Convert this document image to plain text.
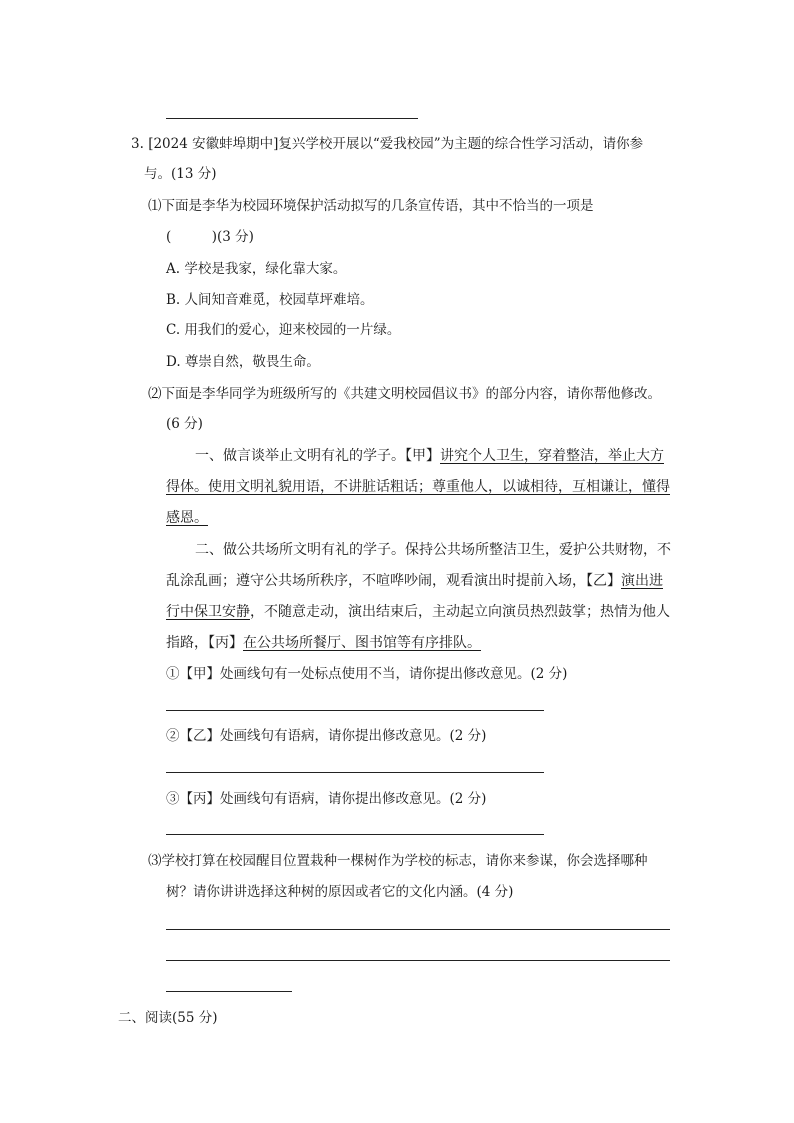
3. [2024 安徽蚌埠期中]复兴学校开展以“爱我校园”为主题的综合性学习活动，请你参
与。(13 分)
⑴下面是李华为校园环境保护活动拟写的几条宣传语，其中不恰当的一项是
(　　　)(3 分)
A. 学校是我家，绿化靠大家。
B. 人间知音难觅，校园草坪难培。
C. 用我们的爱心，迎来校园的一片绿。
D. 尊崇自然，敬畏生命。
⑵下面是李华同学为班级所写的《共建文明校园倡议书》的部分内容，请你帮他修改。
(6 分)
一、做言谈举止文明有礼的学子。【甲】讲究个人卫生，穿着整洁，举止大方
得体。使用文明礼貌用语，不讲脏话粗话；尊重他人，以诚相待，互相谦让，懂得
感恩。
二、做公共场所文明有礼的学子。保持公共场所整洁卫生，爱护公共财物，不
乱涂乱画；遵守公共场所秩序，不喧哗吵闹，观看演出时提前入场，【乙】演出进
行中保卫安静，不随意走动，演出结束后，主动起立向演员热烈鼓掌；热情为他人
指路，【丙】在公共场所餐厅、图书馆等有序排队。
①【甲】处画线句有一处标点使用不当，请你提出修改意见。(2 分)
②【乙】处画线句有语病，请你提出修改意见。(2 分)
③【丙】处画线句有语病，请你提出修改意见。(2 分)
⑶学校打算在校园醒目位置栽种一棵树作为学校的标志，请你来参谋，你会选择哪种
树？请你讲讲选择这种树的原因或者它的文化内涵。(4 分)
二、阅读(55 分)
